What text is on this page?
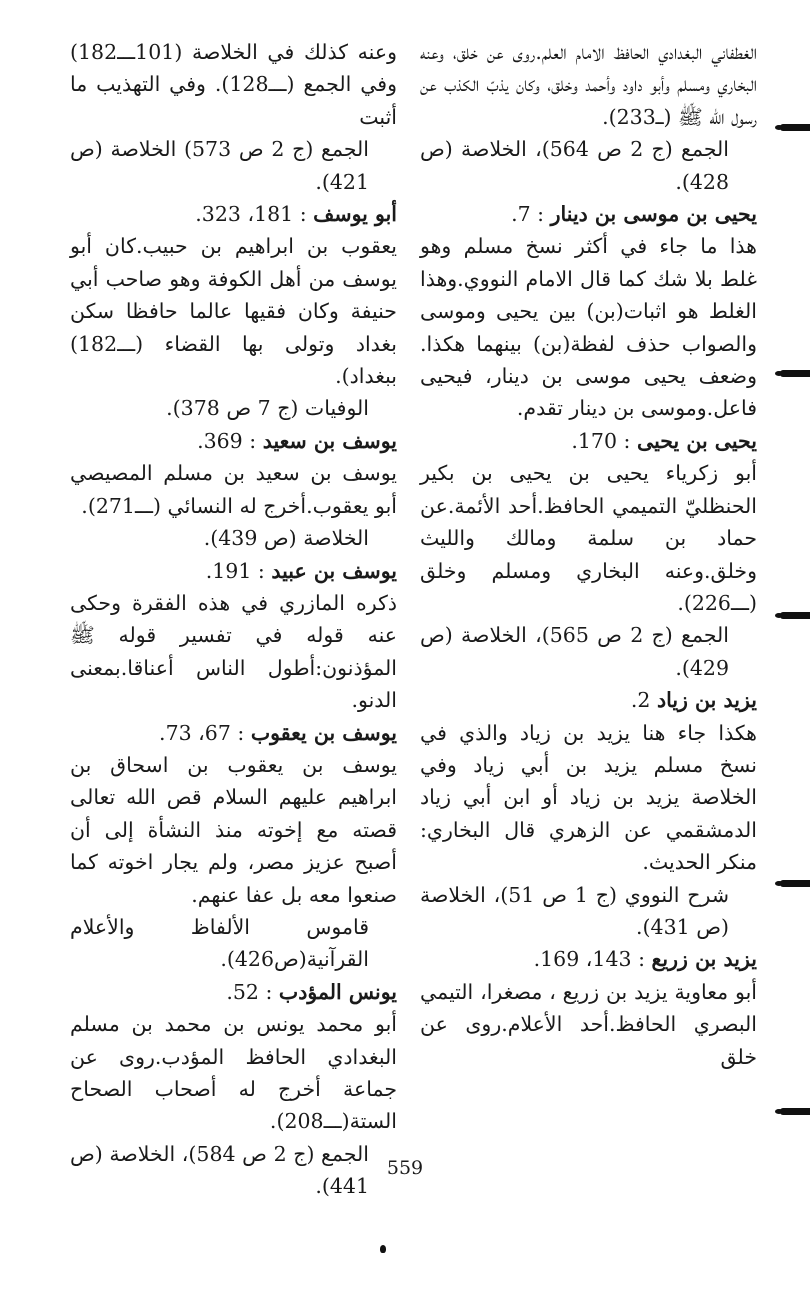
الغطفاني البغدادي الحافظ الامام العلم.روى عن خلق، وعنه البخاري ومسلم وأبو داود وأحمد وخلق، وكان يذبّ الكذب عن رسول الله ﷺ (ـــ233).
الجمع (ج 2 ص 564)، الخلاصة (ص 428).
يحيى بن موسى بن دينار : 7.
هذا ما جاء في أكثر نسخ مسلم وهو غلط بلا شك كما قال الامام النووي.وهذا الغلط هو اثبات(بن) بين يحيى وموسى والصواب حذف لفظة(بن) بينهما هكذا. وضعف يحيى موسى بن دينار، فيحيى فاعل.وموسى بن دينار تقدم.
يحيى بن يحيى : 170.
أبو زكرياء يحيى بن يحيى بن بكير الحنظليّ التميمي الحافظ.أحد الأئمة.عن حماد بن سلمة ومالك والليث وخلق.وعنه البخاري ومسلم وخلق (ـــ226).
الجمع (ج 2 ص 565)، الخلاصة (ص 429).
يزيد بن زياد 2.
هكذا جاء هنا يزيد بن زياد والذي في نسخ مسلم يزيد بن أبي زياد وفي الخلاصة يزيد بن زياد أو ابن أبي زياد الدمشقمي عن الزهري قال البخاري: منكر الحديث.
شرح النووي (ج 1 ص 51)، الخلاصة (ص 431).
يزيد بن زريع : 143، 169.
أبو معاوية يزيد بن زريع ، مصغرا، التيمي البصري الحافظ.أحد الأعلام.روى عن خلق
وعنه كذلك في الخلاصة (101ـــ182) وفي الجمع (ـــ128). وفي التهذيب ما أثبت
الجمع (ج 2 ص 573) الخلاصة (ص 421).
أبو يوسف : 181، 323.
يعقوب بن ابراهيم بن حبيب.كان أبو يوسف من أهل الكوفة وهو صاحب أبي حنيفة وكان فقيها عالما حافظا سكن بغداد وتولى بها القضاء (ـــ182) ببغداد).
الوفيات (ج 7 ص 378).
يوسف بن سعيد : 369.
يوسف بن سعيد بن مسلم المصيصي أبو يعقوب.أخرج له النسائي (ـــ271).
الخلاصة (ص 439).
يوسف بن عبيد : 191.
ذكره المازري في هذه الفقرة وحكى عنه قوله في تفسير قوله ﷺ المؤذنون:أطول الناس أعناقا.بمعنى الدنو.
يوسف بن يعقوب : 67، 73.
يوسف بن يعقوب بن اسحاق بن ابراهيم عليهم السلام قص الله تعالى قصته مع إخوته منذ النشأة إلى أن أصبح عزيز مصر، ولم يجار اخوته كما صنعوا معه بل عفا عنهم.
قاموس الألفاظ والأعلام القرآنية(ص426).
يونس المؤدب : 52.
أبو محمد يونس بن محمد بن مسلم البغدادي الحافظ المؤدب.روى عن جماعة أخرج له أصحاب الصحاح الستة(ـــ208).
الجمع (ج 2 ص 584)، الخلاصة (ص 441).
559
